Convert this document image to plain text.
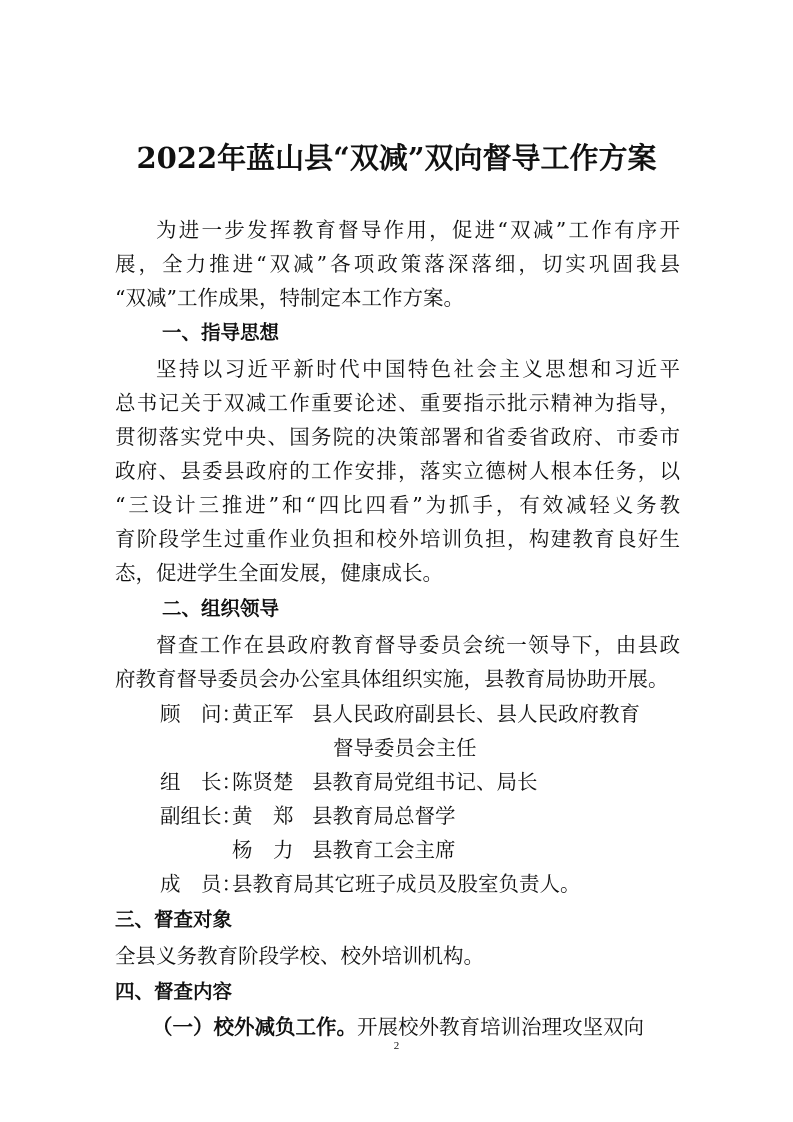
2022年蓝山县“双减”双向督导工作方案
为进一步发挥教育督导作用，促进“双减”工作有序开
展，全力推进“双减”各项政策落深落细，切实巩固我县
“双减”工作成果，特制定本工作方案。
一、指导思想
坚持以习近平新时代中国特色社会主义思想和习近平
总书记关于双减工作重要论述、重要指示批示精神为指导，
贯彻落实党中央、国务院的决策部署和省委省政府、市委市
政府、县委县政府的工作安排，落实立德树人根本任务，以
“三设计三推进”和“四比四看”为抓手，有效减轻义务教
育阶段学生过重作业负担和校外培训负担，构建教育良好生
态，促进学生全面发展，健康成长。
二、组织领导
督查工作在县政府教育督导委员会统一领导下，由县政
府教育督导委员会办公室具体组织实施，县教育局协助开展。
顾　问：黄正军 县人民政府副县长、县人民政府教育
督导委员会主任
组　长：陈贤楚 县教育局党组书记、局长
副组长：黄　郑 县教育局总督学
杨　力 县教育工会主席
成　员：县教育局其它班子成员及股室负责人。
三、督查对象
全县义务教育阶段学校、校外培训机构。
四、督查内容
（一）校外减负工作。开展校外教育培训治理攻坚双向
2
